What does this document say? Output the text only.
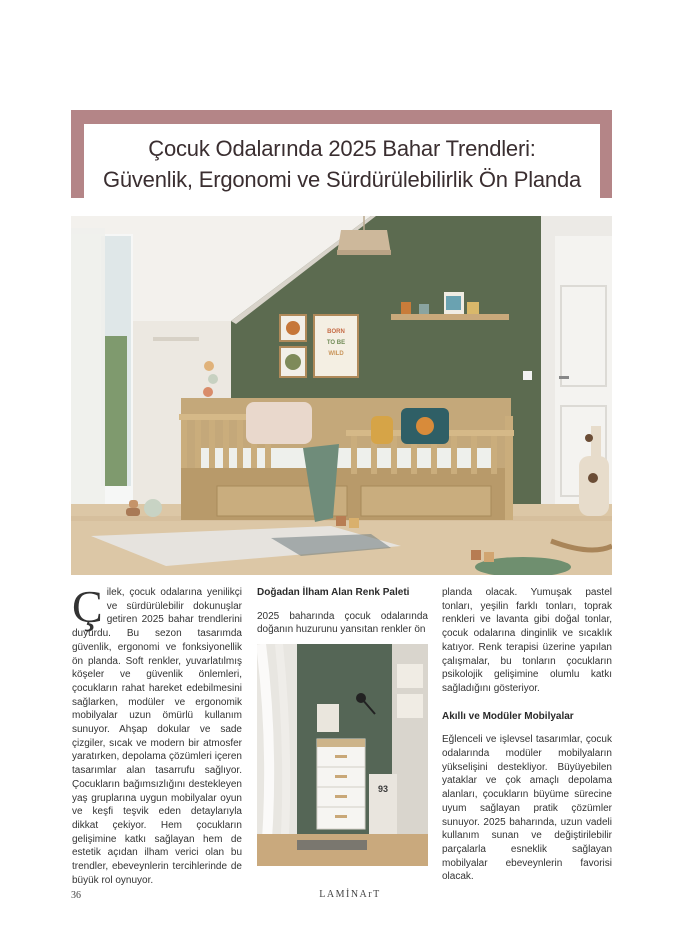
Çocuk Odalarında 2025 Bahar Trendleri:
Güvenlik, Ergonomi ve Sürdürülebilirlik Ön Planda
BORN
TO BE
WILD
Ç ilek, çocuk odalarına yenilikçi ve sürdürülebilir dokunuşlar getiren 2025 bahar trendlerini duyurdu. Bu sezon tasarımda güvenlik, ergonomi ve fonksiyonellik ön planda. Soft renkler, yuvarlatılmış köşeler ve güvenlik önlemleri, çocukların rahat hareket edebilmesini sağlarken, modüler ve ergonomik mobilyalar uzun ömürlü kullanım sunuyor. Ahşap dokular ve sade çizgiler, sıcak ve modern bir atmosfer yaratırken, depolama çözümleri içeren tasarımlar alan tasarrufu sağlıyor. Çocukların bağımsızlığını destekleyen yaş gruplarına uygun mobilyalar oyun ve keşfi teşvik eden detaylarıyla dikkat çekiyor. Hem çocukların gelişimine katkı sağlayan hem de estetik açıdan ilham verici olan bu trendler, ebeveynlerin tercihlerinde de büyük rol oynuyor.

Doğadan İlham Alan Renk Paleti

2025 baharında çocuk odalarında doğanın huzurunu yansıtan renkler ön

93

planda olacak. Yumuşak pastel tonları, yeşilin farklı tonları, toprak renkleri ve lavanta gibi doğal tonlar, çocuk odalarına dinginlik ve sıcaklık katıyor. Renk terapisi üzerine yapılan çalışmalar, bu tonların çocukların psikolojik gelişimine olumlu katkı sağladığını gösteriyor.

Akıllı ve Modüler Mobilyalar

Eğlenceli ve işlevsel tasarımlar, çocuk odalarında modüler mobilyaların yükselişini destekliyor. Büyüyebilen yataklar ve çok amaçlı depolama alanları, çocukların büyüme sürecine uyum sağlayan pratik çözümler sunuyor. 2025 baharında, uzun vadeli kullanım sunan ve değiştirilebilir parçalarla esneklik sağlayan mobilyalar ebeveynlerin favorisi olacak.

36	LAMİNArT
